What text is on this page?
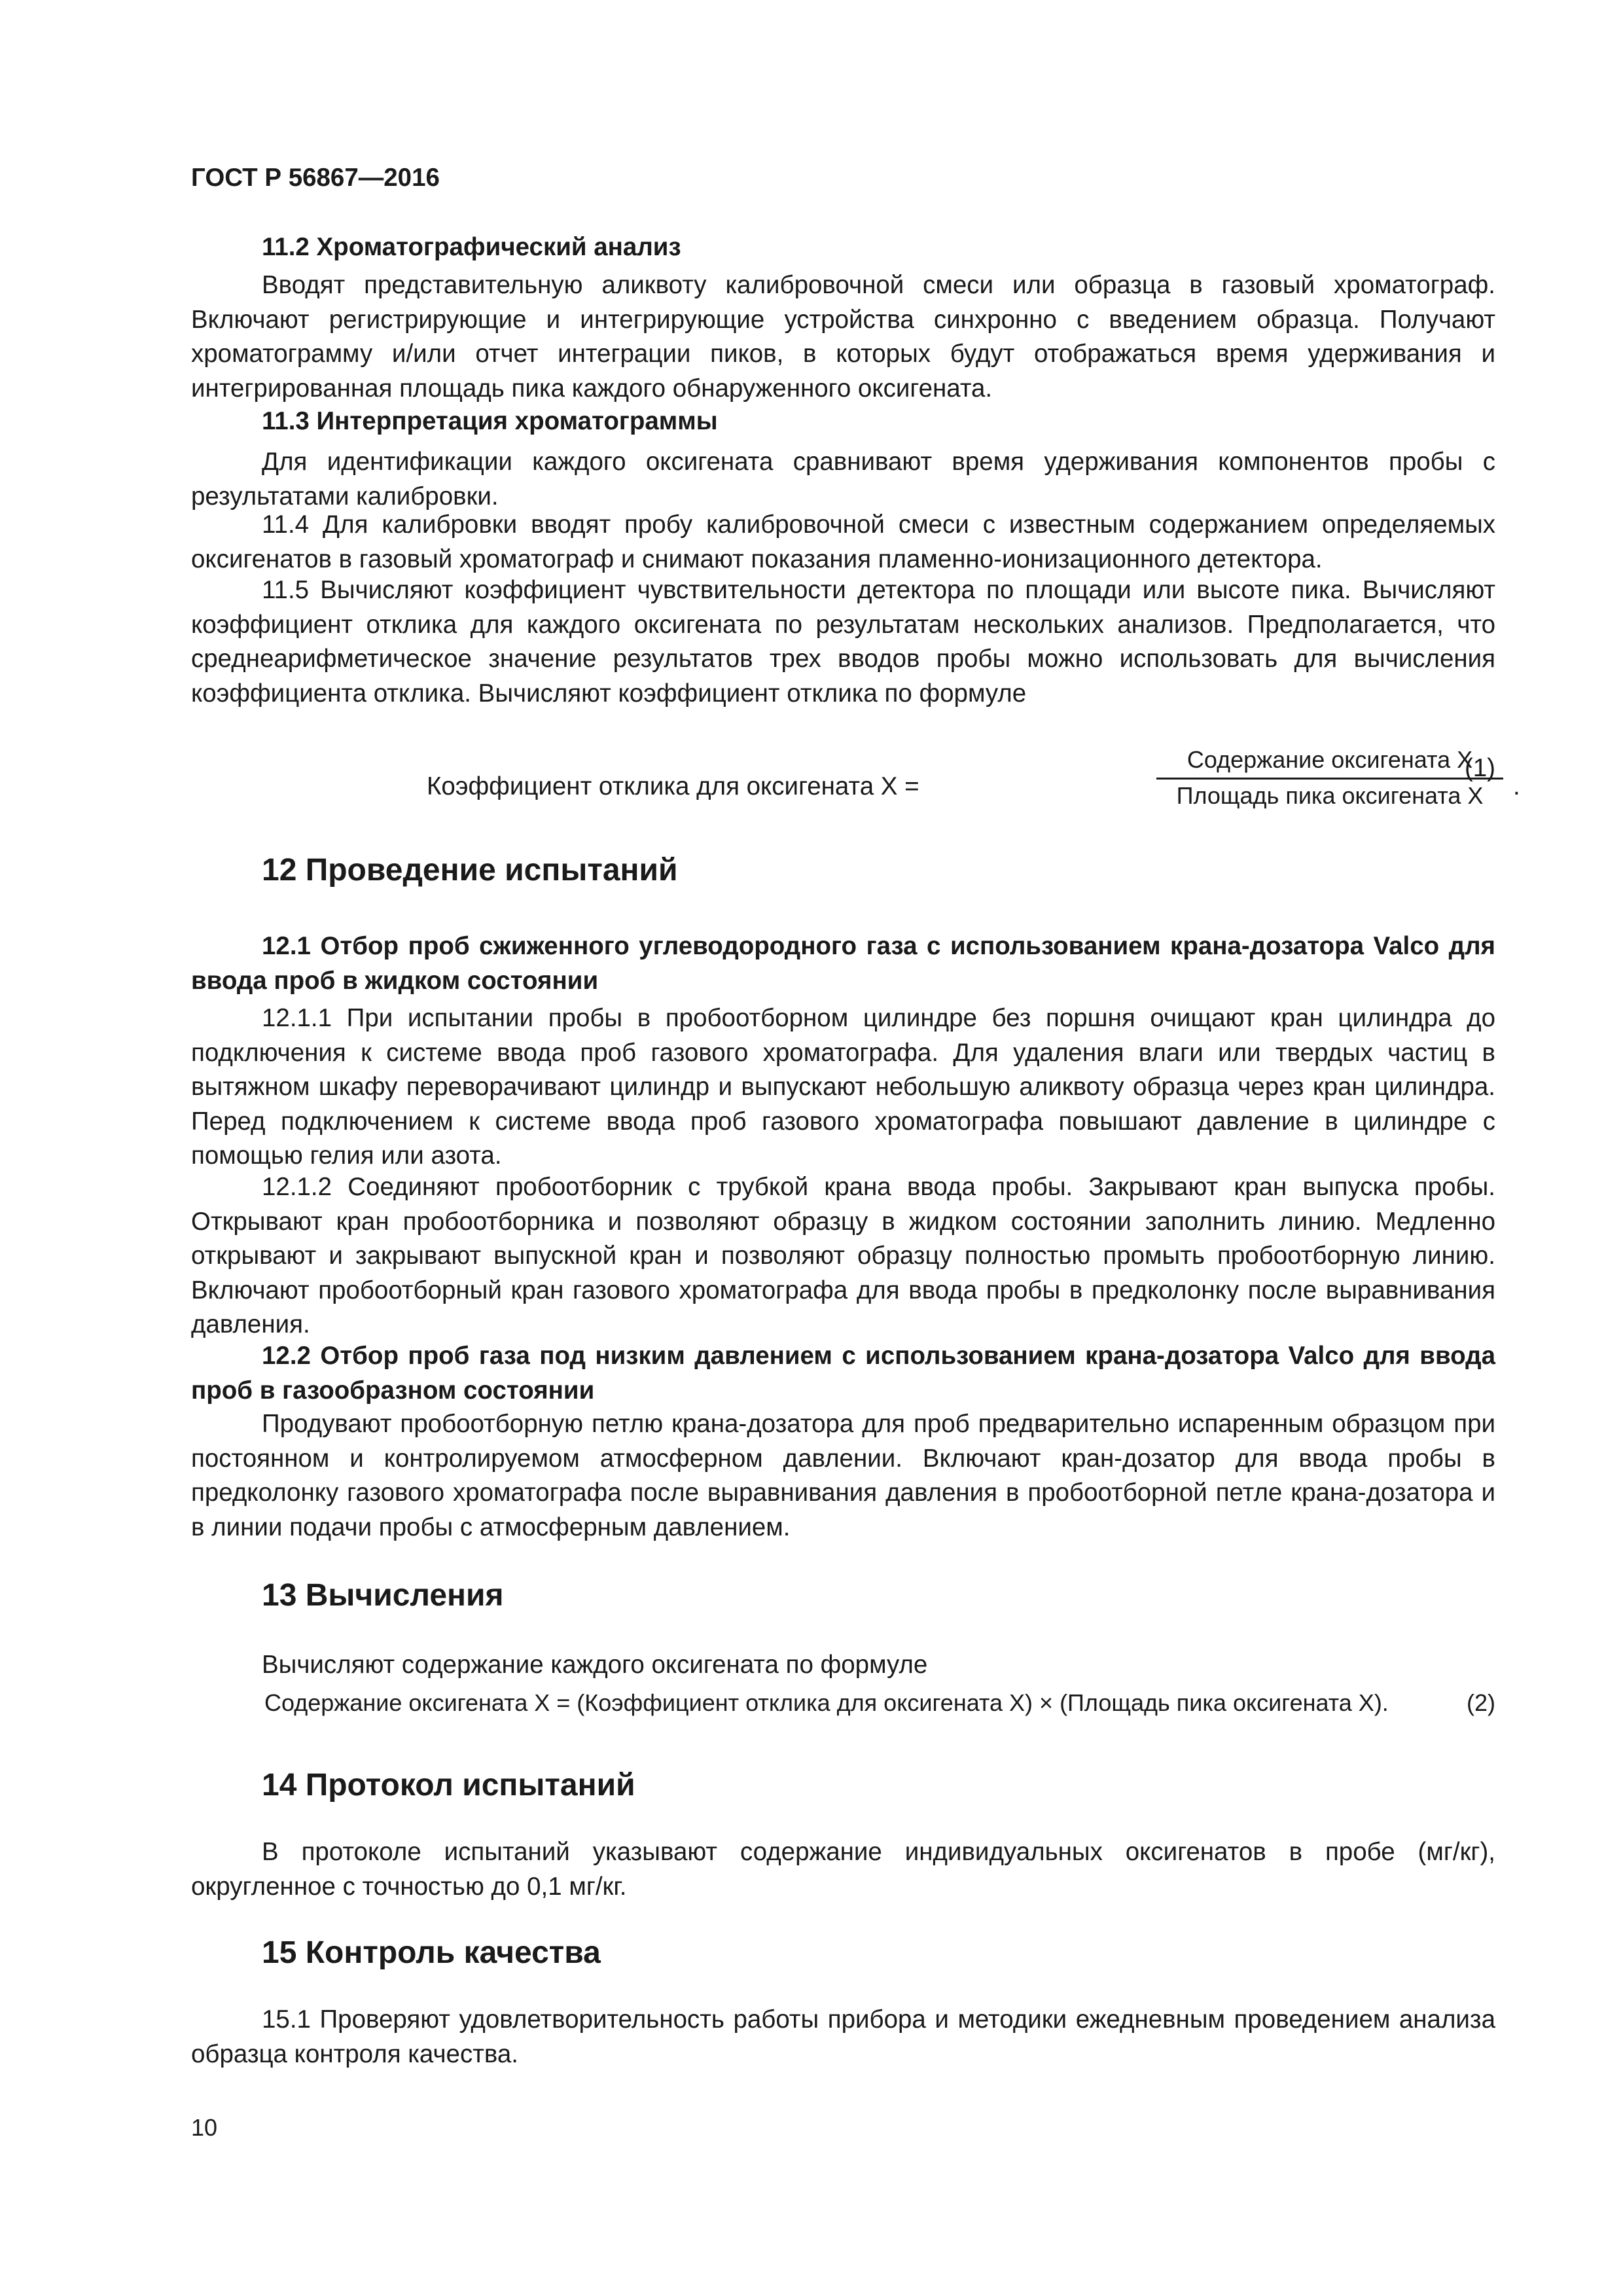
ГОСТ Р 56867—2016
11.2 Хроматографический анализ

Вводят представительную аликвоту калибровочной смеси или образца в газовый хроматограф. Включают регистрирующие и интегрирующие устройства синхронно с введением образца. Получают хроматограмму и/или отчет интеграции пиков, в которых будут отображаться время удерживания и интегрированная площадь пика каждого обнаруженного оксигената.

11.3 Интерпретация хроматограммы

Для идентификации каждого оксигената сравнивают время удерживания компонентов пробы с результатами калибровки.

11.4 Для калибровки вводят пробу калибровочной смеси с известным содержанием определяемых оксигенатов в газовый хроматограф и снимают показания пламенно-ионизационного детектора.

11.5 Вычисляют коэффициент чувствительности детектора по площади или высоте пика. Вычисляют коэффициент отклика для каждого оксигената по результатам нескольких анализов. Предполагается, что среднеарифметическое значение результатов трех вводов пробы можно использовать для вычисления коэффициента отклика. Вычисляют коэффициент отклика по формуле

Коэффициент отклика для оксигената X =
Содержание оксигената X
Площадь пика оксигената X	.
(1)
12 Проведение испытаний
12.1 Отбор проб сжиженного углеводородного газа с использованием крана-дозатора Valco для ввода проб в жидком состоянии

12.1.1 При испытании пробы в пробоотборном цилиндре без поршня очищают кран цилиндра до подключения к системе ввода проб газового хроматографа. Для удаления влаги или твердых частиц в вытяжном шкафу переворачивают цилиндр и выпускают небольшую аликвоту образца через кран цилиндра. Перед подключением к системе ввода проб газового хроматографа повышают давление в цилиндре с помощью гелия или азота.

12.1.2 Соединяют пробоотборник с трубкой крана ввода пробы. Закрывают кран выпуска пробы. Открывают кран пробоотборника и позволяют образцу в жидком состоянии заполнить линию. Медленно открывают и закрывают выпускной кран и позволяют образцу полностью промыть пробоотборную линию. Включают пробоотборный кран газового хроматографа для ввода пробы в предколонку после выравнивания давления.

12.2 Отбор проб газа под низким давлением с использованием крана-дозатора Valco для ввода проб в газообразном состоянии

Продувают пробоотборную петлю крана-дозатора для проб предварительно испаренным образцом при постоянном и контролируемом атмосферном давлении. Включают кран-дозатор для ввода пробы в предколонку газового хроматографа после выравнивания давления в пробоотборной петле крана-дозатора и в линии подачи пробы с атмосферным давлением.

13 Вычисления

Вычисляют содержание каждого оксигената по формуле

Содержание оксигената X = (Коэффициент отклика для оксигената X) × (Площадь пика оксигената X).	(2)
14 Протокол испытаний

В протоколе испытаний указывают содержание индивидуальных оксигенатов в пробе (мг/кг), округленное с точностью до 0,1 мг/кг.

15 Контроль качества

15.1 Проверяют удовлетворительность работы прибора и методики ежедневным проведением анализа образца контроля качества.

10
